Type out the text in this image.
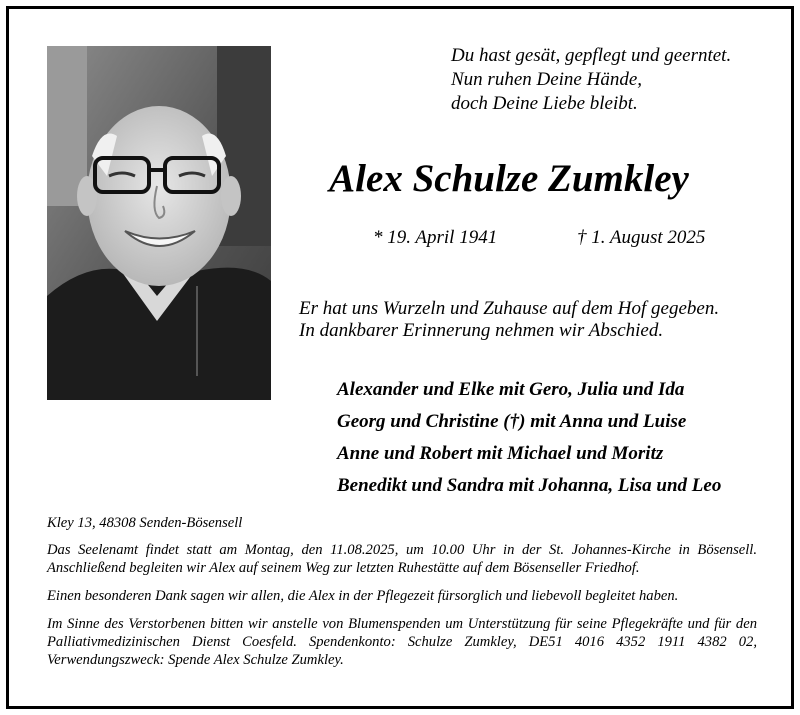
Du hast gesät, gepflegt und geerntet.
Nun ruhen Deine Hände,
doch Deine Liebe bleibt.
Alex Schulze Zumkley
* 19. April 1941	† 1. August 2025
Er hat uns Wurzeln und Zuhause auf dem Hof gegeben.
In dankbarer Erinnerung nehmen wir Abschied.
Alexander und Elke mit Gero, Julia und Ida
Georg und Christine (†) mit Anna und Luise
Anne und Robert mit Michael und Moritz
Benedikt und Sandra mit Johanna, Lisa und Leo

Kley 13, 48308 Senden-Bösensell

Das Seelenamt findet statt am Montag, den 11.08.2025, um 10.00 Uhr in der St. Johannes-Kirche in Bösensell. Anschließend begleiten wir Alex auf seinem Weg zur letzten Ruhestätte auf dem Bösenseller Friedhof.

Einen besonderen Dank sagen wir allen, die Alex in der Pflegezeit fürsorglich und liebevoll begleitet haben.

Im Sinne des Verstorbenen bitten wir anstelle von Blumenspenden um Unterstützung für seine Pflegekräfte und für den Palliativmedizinischen Dienst Coesfeld. Spendenkonto: Schulze Zumkley, DE51 4016 4352 1911 4382 02, Verwendungszweck: Spende Alex Schulze Zumkley.
